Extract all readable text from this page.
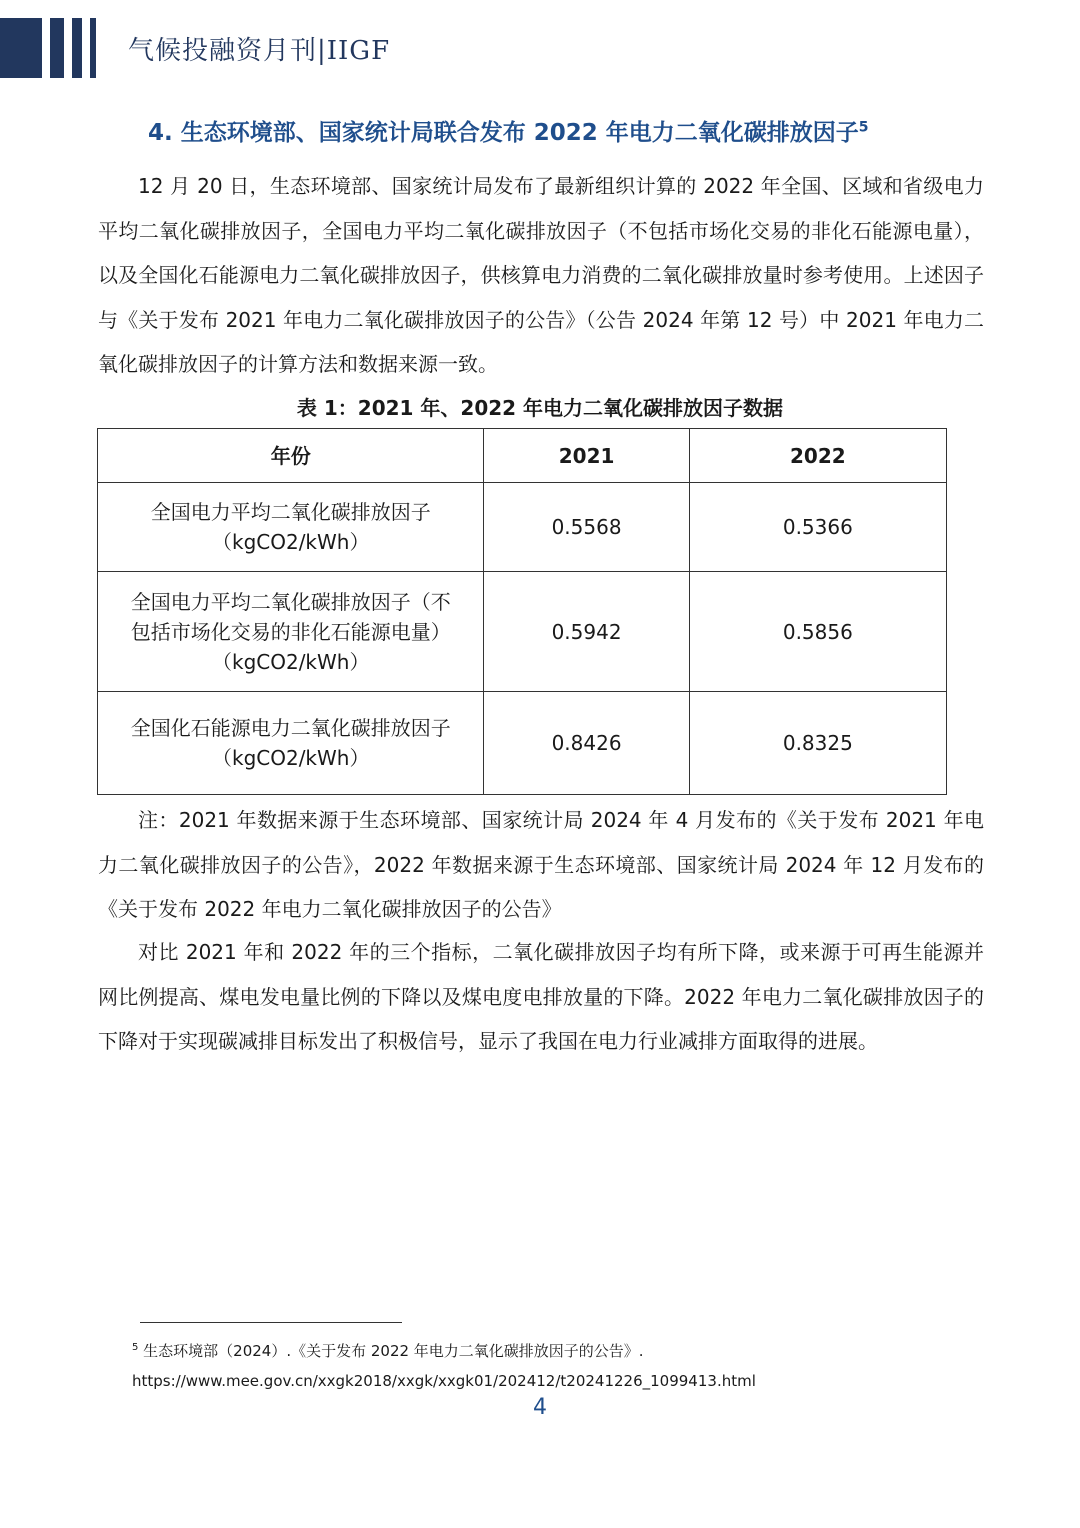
气候投融资月刊|IIGF
4. 生态环境部、国家统计局联合发布 2022 年电力二氧化碳排放因子$^5$

12 月 20 日，生态环境部、国家统计局发布了最新组织计算的 2022 年全国、区域和省级电力平均二氧化碳排放因子，全国电力平均二氧化碳排放因子（不包括市场化交易的非化石能源电量），以及全国化石能源电力二氧化碳排放因子，供核算电力消费的二氧化碳排放量时参考使用。上述因子与《关于发布 2021 年电力二氧化碳排放因子的公告》（公告 2024 年第 12 号）中 2021 年电力二氧化碳排放因子的计算方法和数据来源一致。

表 1：2021 年、2022 年电力二氧化碳排放因子数据
年份	2021	2022

全国电力平均二氧化碳排放因子
（kgCO2/kWh）	0.5568	0.5366

全国电力平均二氧化碳排放因子（不
包括市场化交易的非化石能源电量）
（kgCO2/kWh）	0.5942	0.5856

全国化石能源电力二氧化碳排放因子
（kgCO2/kWh）	0.8426	0.8325

注：2021 年数据来源于生态环境部、国家统计局 2024 年 4 月发布的《关于发布 2021 年电力二氧化碳排放因子的公告》，2022 年数据来源于生态环境部、国家统计局 2024 年 12 月发布的《关于发布 2022 年电力二氧化碳排放因子的公告》

对比 2021 年和 2022 年的三个指标，二氧化碳排放因子均有所下降，或来源于可再生能源并网比例提高、煤电发电量比例的下降以及煤电度电排放量的下降。2022 年电力二氧化碳排放因子的下降对于实现碳减排目标发出了积极信号，显示了我国在电力行业减排方面取得的进展。

$^5$ 生态环境部（2024）.《关于发布 2022 年电力二氧化碳排放因子的公告》.
https://www.mee.gov.cn/xxgk2018/xxgk/xxgk01/202412/t20241226_1099413.html
4
